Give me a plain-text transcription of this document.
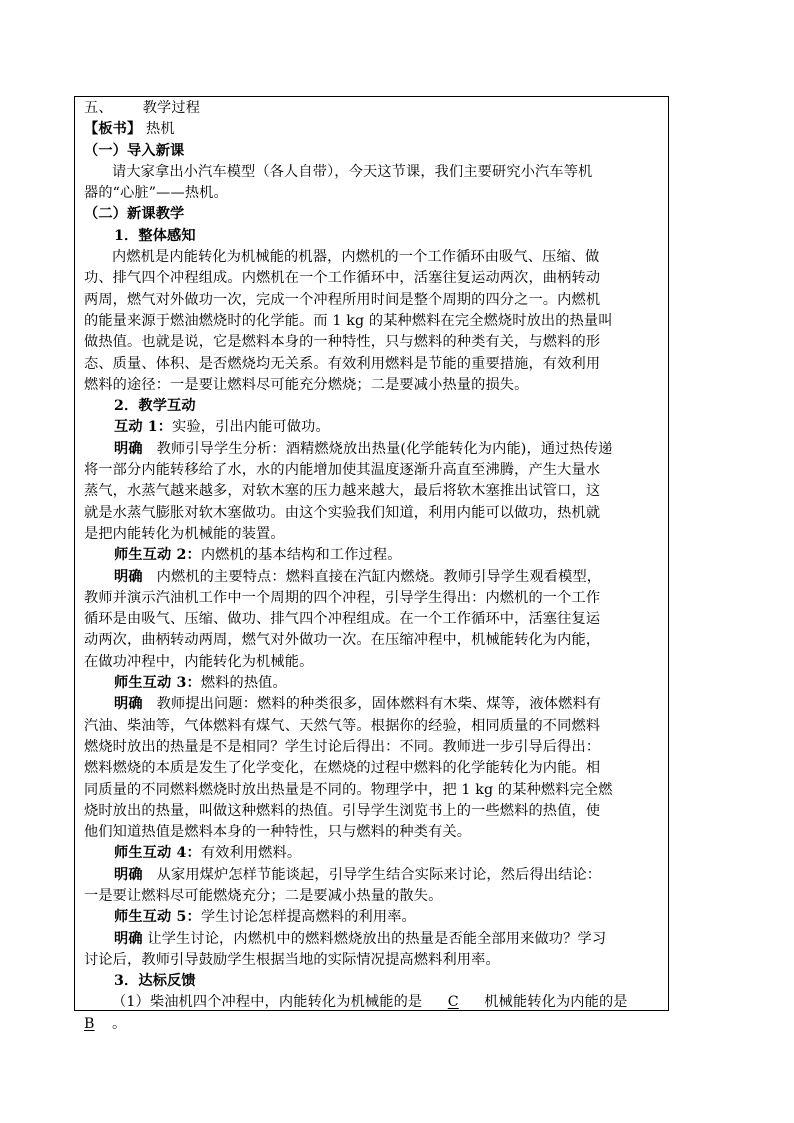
五、 教学过程
【板书】 热机
（一）导入新课
请大家拿出小汽车模型（各人自带），今天这节课，我们主要研究小汽车等机
器的“心脏”——热机。
（二）新课教学
1．整体感知
内燃机是内能转化为机械能的机器，内燃机的一个工作循环由吸气、压缩、做
功、排气四个冲程组成。内燃机在一个工作循环中，活塞往复运动两次，曲柄转动
两周，燃气对外做功一次，完成一个冲程所用时间是整个周期的四分之一。内燃机
的能量来源于燃油燃烧时的化学能。而 1 kg 的某种燃料在完全燃烧时放出的热量叫
做热值。也就是说，它是燃料本身的一种特性，只与燃料的种类有关，与燃料的形
态、质量、体积、是否燃烧均无关系。有效利用燃料是节能的重要措施，有效利用
燃料的途径：一是要让燃料尽可能充分燃烧；二是要减小热量的损失。
2．教学互动
互动 1：实验，引出内能可做功。
明确 教师引导学生分析：酒精燃烧放出热量(化学能转化为内能)，通过热传递
将一部分内能转移给了水，水的内能增加使其温度逐渐升高直至沸腾，产生大量水
蒸气，水蒸气越来越多，对软木塞的压力越来越大，最后将软木塞推出试管口，这
就是水蒸气膨胀对软木塞做功。由这个实验我们知道，利用内能可以做功，热机就
是把内能转化为机械能的装置。
师生互动 2：内燃机的基本结构和工作过程。
明确 内燃机的主要特点：燃料直接在汽缸内燃烧。教师引导学生观看模型，
教师并演示汽油机工作中一个周期的四个冲程，引导学生得出：内燃机的一个工作
循环是由吸气、压缩、做功、排气四个冲程组成。在一个工作循环中，活塞往复运
动两次，曲柄转动两周，燃气对外做功一次。在压缩冲程中，机械能转化为内能，
在做功冲程中，内能转化为机械能。
师生互动 3：燃料的热值。
明确 教师提出问题：燃料的种类很多，固体燃料有木柴、煤等，液体燃料有
汽油、柴油等，气体燃料有煤气、天然气等。根据你的经验，相同质量的不同燃料
燃烧时放出的热量是不是相同？学生讨论后得出：不同。教师进一步引导后得出：
燃料燃烧的本质是发生了化学变化，在燃烧的过程中燃料的化学能转化为内能。相
同质量的不同燃料燃烧时放出热量是不同的。物理学中，把 1 kg 的某种燃料完全燃
烧时放出的热量，叫做这种燃料的热值。引导学生浏览书上的一些燃料的热值，使
他们知道热值是燃料本身的一种特性，只与燃料的种类有关。
师生互动 4：有效利用燃料。
明确 从家用煤炉怎样节能谈起，引导学生结合实际来讨论，然后得出结论：
一是要让燃料尽可能燃烧充分；二是要减小热量的散失。
师生互动 5：学生讨论怎样提高燃料的利用率。
明确 让学生讨论，内燃机中的燃料燃烧放出的热量是否能全部用来做功？学习
讨论后，教师引导鼓励学生根据当地的实际情况提高燃料利用率。
3．达标反馈
（1）柴油机四个冲程中，内能转化为机械能的是 C 机械能转化为内能的是
B 。
